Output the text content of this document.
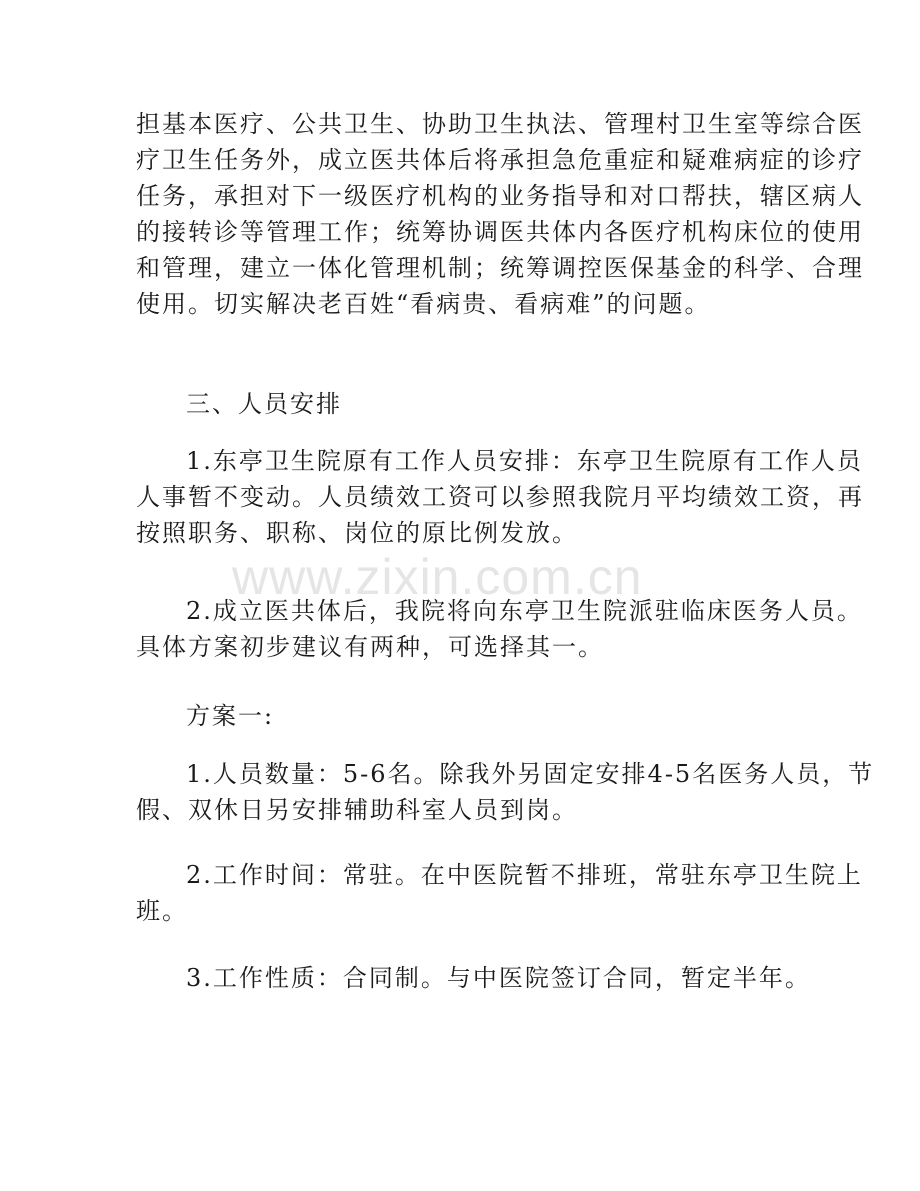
担基本医疗、公共卫生、协助卫生执法、管理村卫生室等综合医
疗卫生任务外，成立医共体后将承担急危重症和疑难病症的诊疗
任务，承担对下一级医疗机构的业务指导和对口帮扶，辖区病人
的接转诊等管理工作；统筹协调医共体内各医疗机构床位的使用
和管理，建立一体化管理机制；统筹调控医保基金的科学、合理
使用。切实解决老百姓“看病贵、看病难”的问题。

三、人员安排

1.东亭卫生院原有工作人员安排：东亭卫生院原有工作人员
人事暂不变动。人员绩效工资可以参照我院月平均绩效工资，再
按照职务、职称、岗位的原比例发放。
2.成立医共体后，我院将向东亭卫生院派驻临床医务人员。
具体方案初步建议有两种，可选择其一。

方案一:

1.人员数量：5-6名。除我外另固定安排4-5名医务人员，节
假、双休日另安排辅助科室人员到岗。
2.工作时间：常驻。在中医院暂不排班，常驻东亭卫生院上
班。
3.工作性质：合同制。与中医院签订合同，暂定半年。
www.zixin.com.cn
